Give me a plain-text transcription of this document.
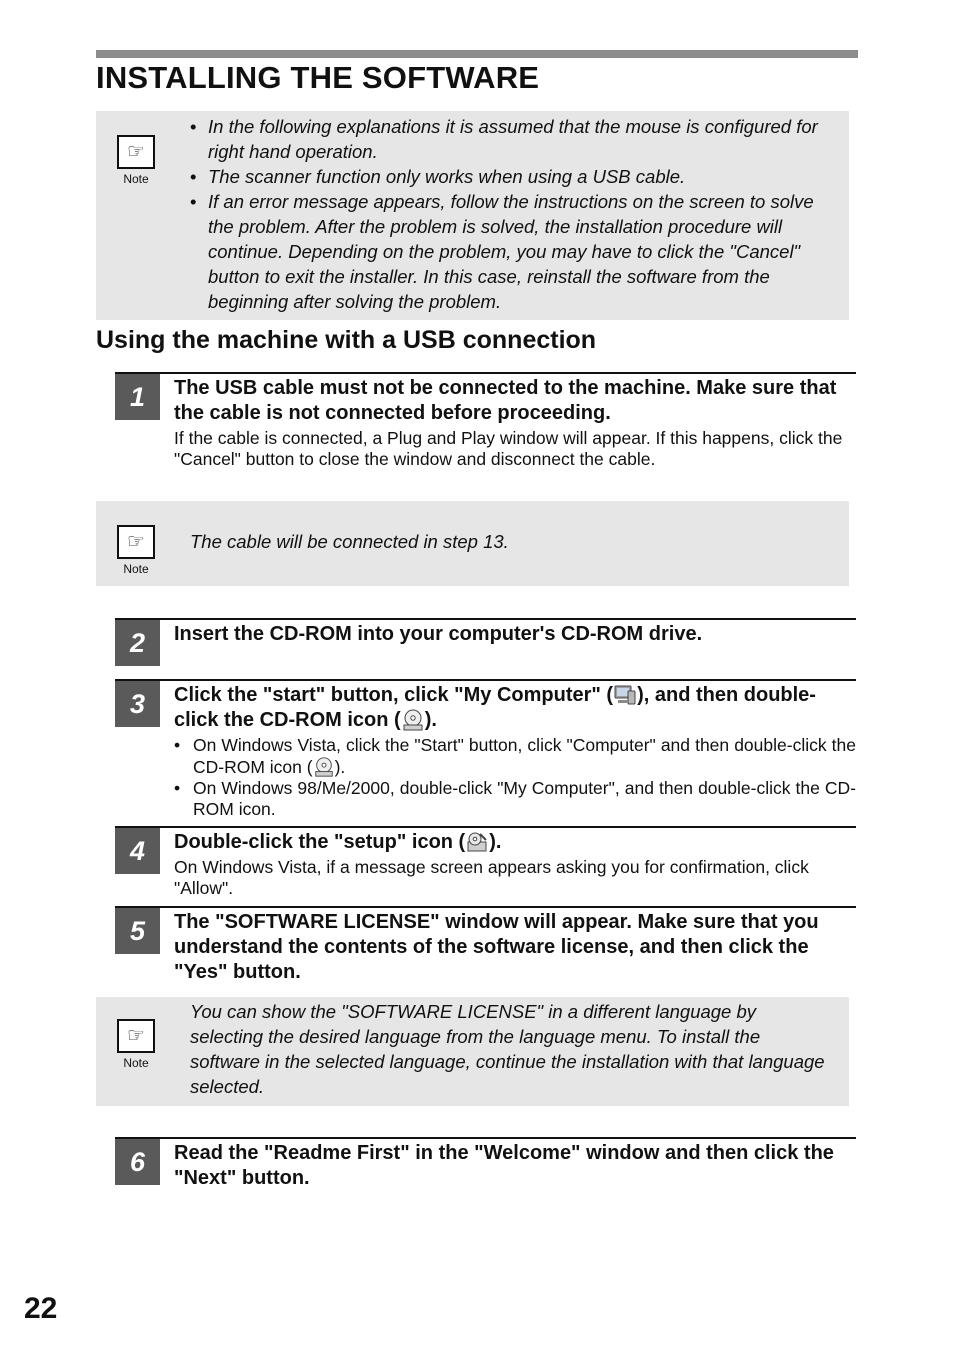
INSTALLING THE SOFTWARE
☞
Note
• In the following explanations it is assumed that the mouse is configured for right hand operation.
• The scanner function only works when using a USB cable.
• If an error message appears, follow the instructions on the screen to solve the problem. After the problem is solved, the installation procedure will continue. Depending on the problem, you may have to click the "Cancel" button to exit the installer. In this case, reinstall the software from the beginning after solving the problem.
Using the machine with a USB connection
1	The USB cable must not be connected to the machine. Make sure that the cable is not connected before proceeding.
If the cable is connected, a Plug and Play window will appear. If this happens, click the "Cancel" button to close the window and disconnect the cable.
☞
Note
The cable will be connected in step 13.
2	Insert the CD-ROM into your computer's CD-ROM drive.
3	Click the "start" button, click "My Computer" ( ), and then double-click the CD-ROM icon ( ).
• On Windows Vista, click the "Start" button, click "Computer" and then double-click the CD-ROM icon ( ).
• On Windows 98/Me/2000, double-click "My Computer", and then double-click the CD-ROM icon.
4	Double-click the "setup" icon ( ).
On Windows Vista, if a message screen appears asking you for confirmation, click "Allow".
5	The "SOFTWARE LICENSE" window will appear. Make sure that you understand the contents of the software license, and then click the "Yes" button.
☞
Note
You can show the "SOFTWARE LICENSE" in a different language by selecting the desired language from the language menu. To install the software in the selected language, continue the installation with that language selected.
6	Read the "Readme First" in the "Welcome" window and then click the "Next" button.
22
